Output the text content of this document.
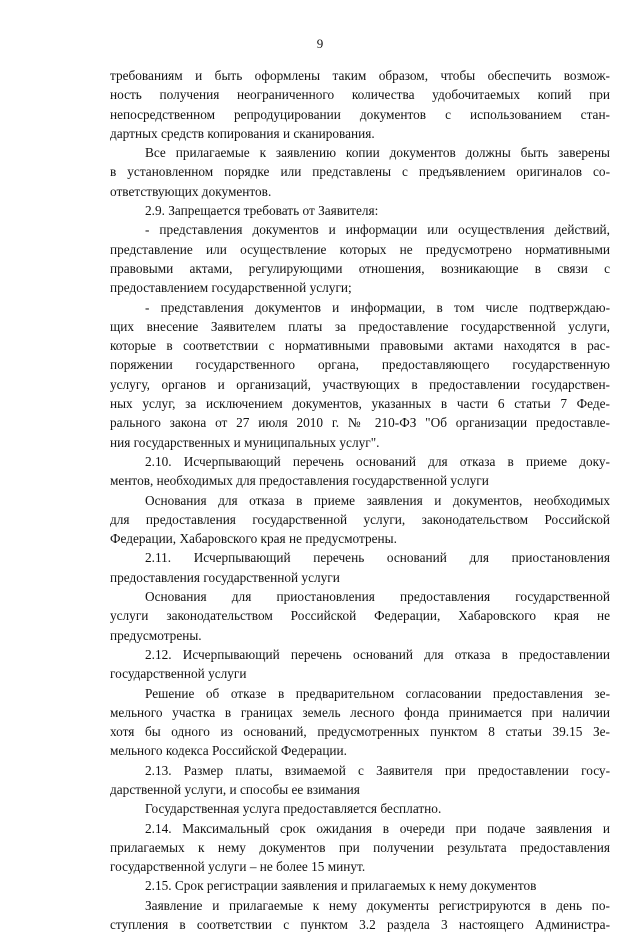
9
требованиям и быть оформлены таким образом, чтобы обеспечить возмож-
ность получения неограниченного количества удобочитаемых копий при
непосредственном репродуцировании документов с использованием стан-
дартных средств копирования и сканирования.
Все прилагаемые к заявлению копии документов должны быть заверены
в установленном порядке или представлены с предъявлением оригиналов со-
ответствующих документов.
2.9. Запрещается требовать от Заявителя:
- представления документов и информации или осуществления действий,
представление или осуществление которых не предусмотрено нормативными
правовыми актами, регулирующими отношения, возникающие в связи с
предоставлением государственной услуги;
- представления документов и информации, в том числе подтверждаю-
щих внесение Заявителем платы за предоставление государственной услуги,
которые в соответствии с нормативными правовыми актами находятся в рас-
поряжении государственного органа, предоставляющего государственную
услугу, органов и организаций, участвующих в предоставлении государствен-
ных услуг, за исключением документов, указанных в части 6 статьи 7 Феде-
рального закона от 27 июля 2010 г. № 210-ФЗ "Об организации предоставле-
ния государственных и муниципальных услуг".
2.10. Исчерпывающий перечень оснований для отказа в приеме доку-
ментов, необходимых для предоставления государственной услуги
Основания для отказа в приеме заявления и документов, необходимых
для предоставления государственной услуги, законодательством Российской
Федерации, Хабаровского края не предусмотрены.
2.11. Исчерпывающий перечень оснований для приостановления
предоставления государственной услуги
Основания для приостановления предоставления государственной
услуги законодательством Российской Федерации, Хабаровского края не
предусмотрены.
2.12. Исчерпывающий перечень оснований для отказа в предоставлении
государственной услуги
Решение об отказе в предварительном согласовании предоставления зе-
мельного участка в границах земель лесного фонда принимается при наличии
хотя бы одного из оснований, предусмотренных пунктом 8 статьи 39.15 Зе-
мельного кодекса Российской Федерации.
2.13. Размер платы, взимаемой с Заявителя при предоставлении госу-
дарственной услуги, и способы ее взимания
Государственная услуга предоставляется бесплатно.
2.14. Максимальный срок ожидания в очереди при подаче заявления и
прилагаемых к нему документов при получении результата предоставления
государственной услуги – не более 15 минут.
2.15. Срок регистрации заявления и прилагаемых к нему документов
Заявление и прилагаемые к нему документы регистрируются в день по-
ступления в соответствии с пунктом 3.2 раздела 3 настоящего Администра-
